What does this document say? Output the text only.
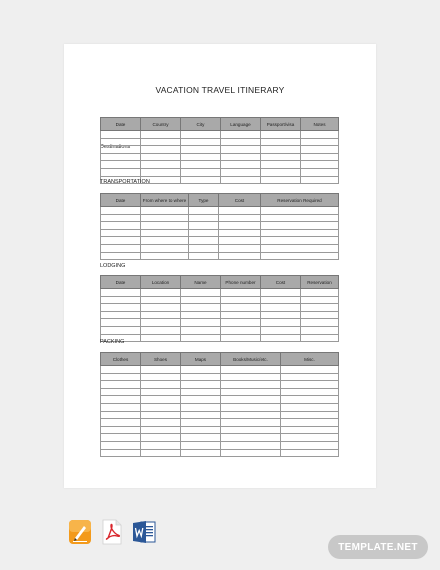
VACATION TRAVEL ITINERARY
Destinations
Date	Country	City	Language	Passport/visa	Notes

TRANSPORTATION
Date	From where to where	Type	Cost	Reservation Required

LODGING
Date	Location	Name	Phone number	Cost	Reservation

PACKING
Clothes	Shoes	Maps	Books/Music/etc.	Misc.

TEMPLATE.NET
